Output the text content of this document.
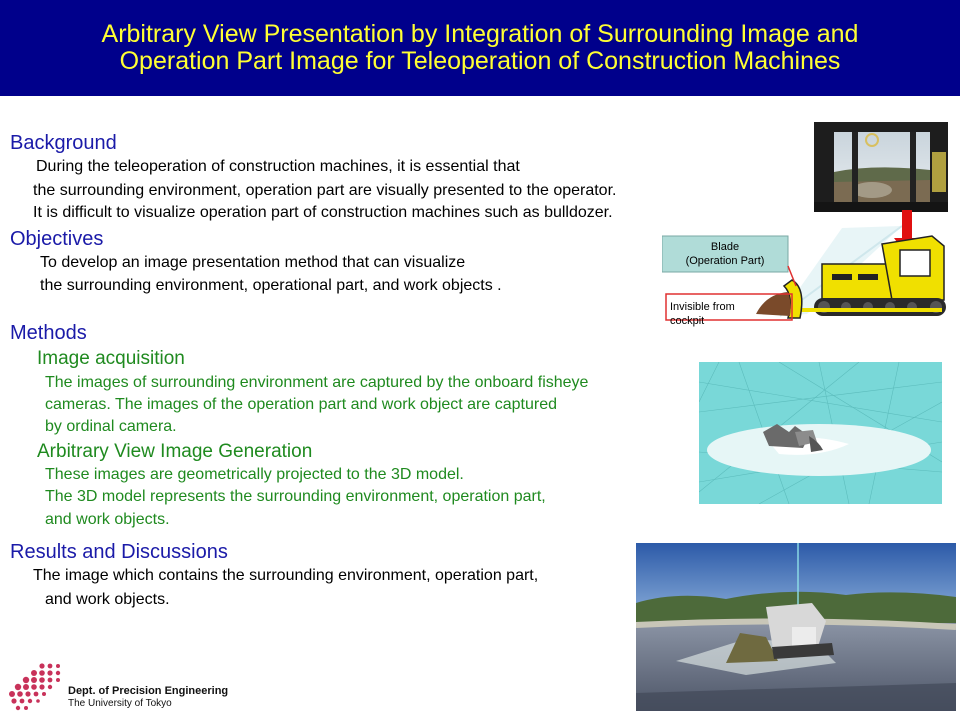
Arbitrary View Presentation by Integration of Surrounding Image and
Operation Part Image for Teleoperation of Construction Machines
Background
During the teleoperation of construction machines, it is essential that
the surrounding environment, operation part are visually presented to the operator.
It is difficult to visualize operation part of construction machines such as bulldozer.
Objectives
To develop an image presentation method that can visualize
the surrounding environment, operational part, and work objects .
Methods
Image acquisition
The images of surrounding environment are captured by the onboard fisheye
cameras. The images of the operation part and work object are captured
by ordinal camera.
Arbitrary View Image Generation
These images are geometrically projected to the 3D model.
The 3D model represents the surrounding environment, operation part,
and work objects.
Results and Discussions
The image which contains the surrounding environment, operation part,
and work objects.
Blade
(Operation Part)
Invisible from
cockpit
Dept. of Precision Engineering
The University of Tokyo
